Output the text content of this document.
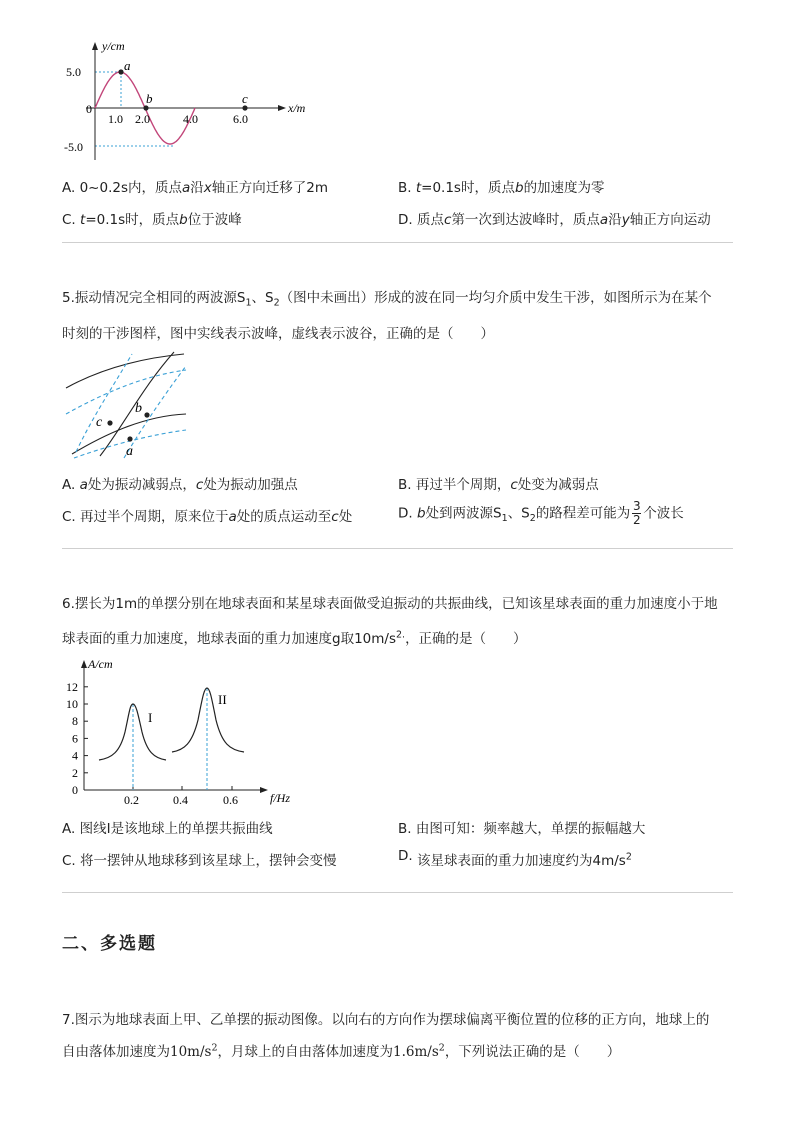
y/cm
x/m
5.0
0
-5.0
1.0 2.0	4.0	6.0
a
b	c
A. 0~0.2s内，质点a沿x轴正方向迁移了2m	B. t=0.1s时，质点b的加速度为零
C. t=0.1s时，质点b位于波峰	D. 质点c第一次到达波峰时，质点a沿y轴正方向运动
5.振动情况完全相同的两波源$S_1$、$S_2$（图中未画出）形成的波在同一均匀介质中发生干涉，如图所示为在某个
时刻的干涉图样，图中实线表示波峰，虚线表示波谷，正确的是（　　）
c
b
a
A. a处为振动减弱点，c处为振动加强点	B. 再过半个周期，c处变为减弱点
C. 再过半个周期，原来位于a处的质点运动至c处	D. b处到两波源$S_1$、$S_2$的路程差可能为 $\frac{3}{2}$ 个波长
6.摆长为1m的单摆分别在地球表面和某星球表面做受迫振动的共振曲线，已知该星球表面的重力加速度小于地
球表面的重力加速度，地球表面的重力加速度g取$10m/s^{2.}$，正确的是（　　）
12
10
8
6
4
2
0
0.2	0.4	0.6
I
II
A/cm
f/Hz
A. 图线Ⅰ是该地球上的单摆共振曲线	B. 由图可知：频率越大，单摆的振幅越大
C. 将一摆钟从地球移到该星球上，摆钟会变慢	D. 该星球表面的重力加速度约为$4m/s^2$
二、多选题
7.图示为地球表面上甲、乙单摆的振动图像。以向右的方向作为摆球偏离平衡位置的位移的正方向，地球上的
自由落体加速度为$10m/s^2$，月球上的自由落体加速度为$1.6m/s^2$，下列说法正确的是（　　）
